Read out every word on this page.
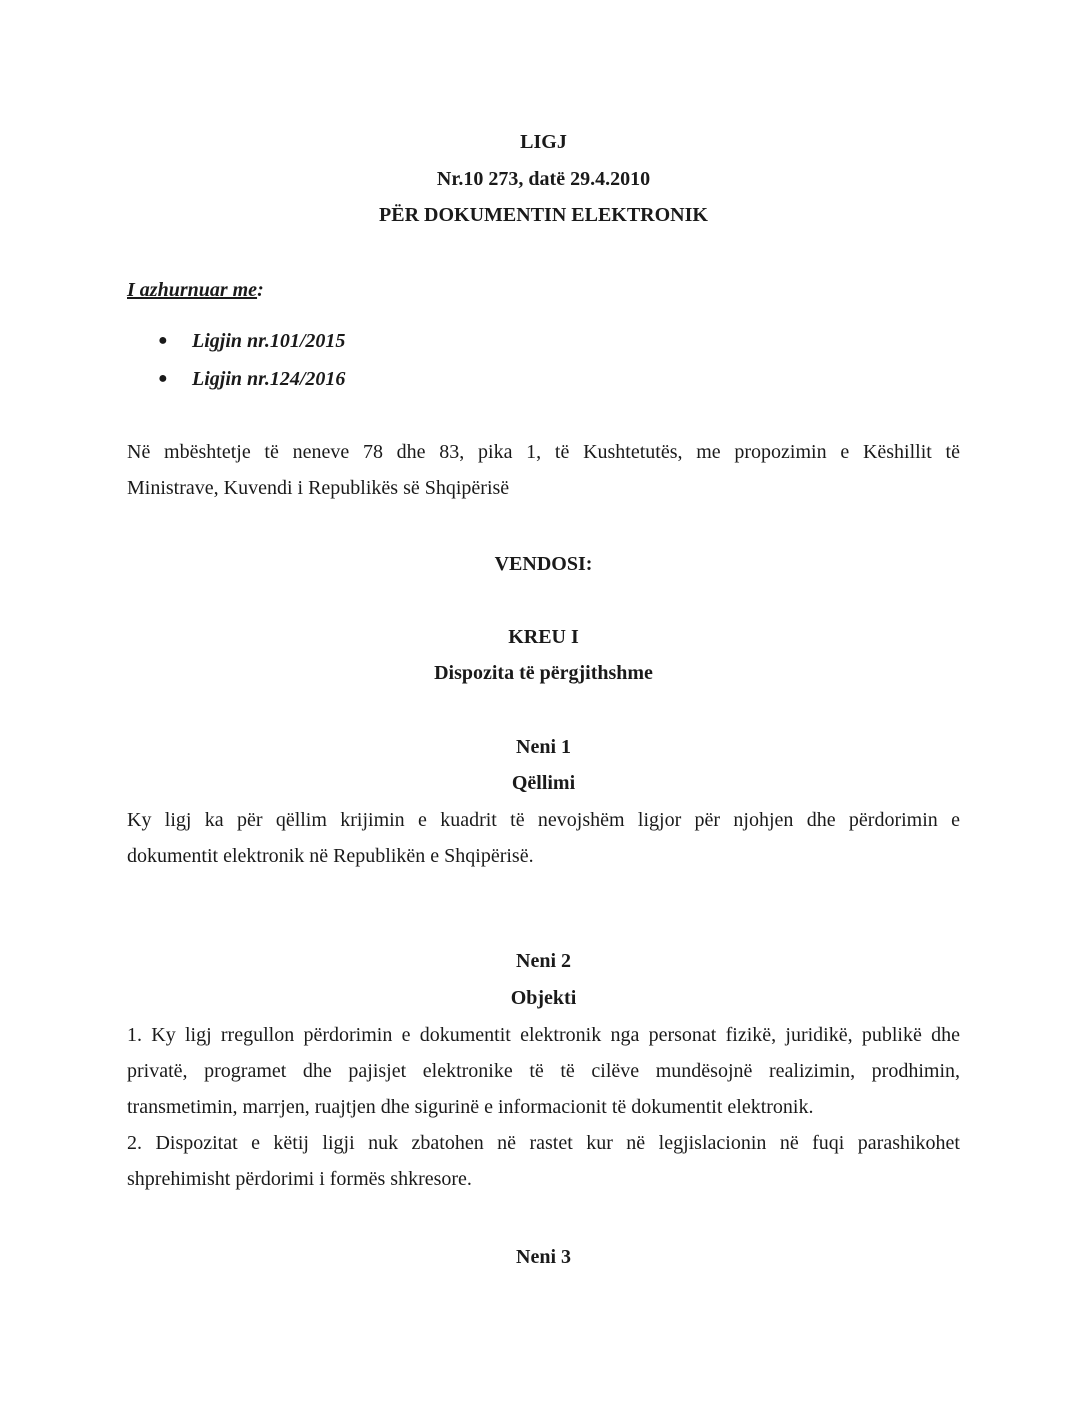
LIGJ
Nr.10 273, datë 29.4.2010
PËR DOKUMENTIN ELEKTRONIK
I azhurnuar me:
● Ligjin nr.101/2015
● Ligjin nr.124/2016
Në mbështetje të neneve 78 dhe 83, pika 1, të Kushtetutës, me propozimin e Këshillit të
Ministrave, Kuvendi i Republikës së Shqipërisë
VENDOSI:
KREU I
Dispozita të përgjithshme
Neni 1
Qëllimi
Ky ligj ka për qëllim krijimin e kuadrit të nevojshëm ligjor për njohjen dhe përdorimin e
dokumentit elektronik në Republikën e Shqipërisë.
Neni 2
Objekti
1. Ky ligj rregullon përdorimin e dokumentit elektronik nga personat fizikë, juridikë, publikë dhe
privatë, programet dhe pajisjet elektronike të të cilëve mundësojnë realizimin, prodhimin,
transmetimin, marrjen, ruajtjen dhe sigurinë e informacionit të dokumentit elektronik.
2. Dispozitat e këtij ligji nuk zbatohen në rastet kur në legjislacionin në fuqi parashikohet
shprehimisht përdorimi i formës shkresore.
Neni 3
